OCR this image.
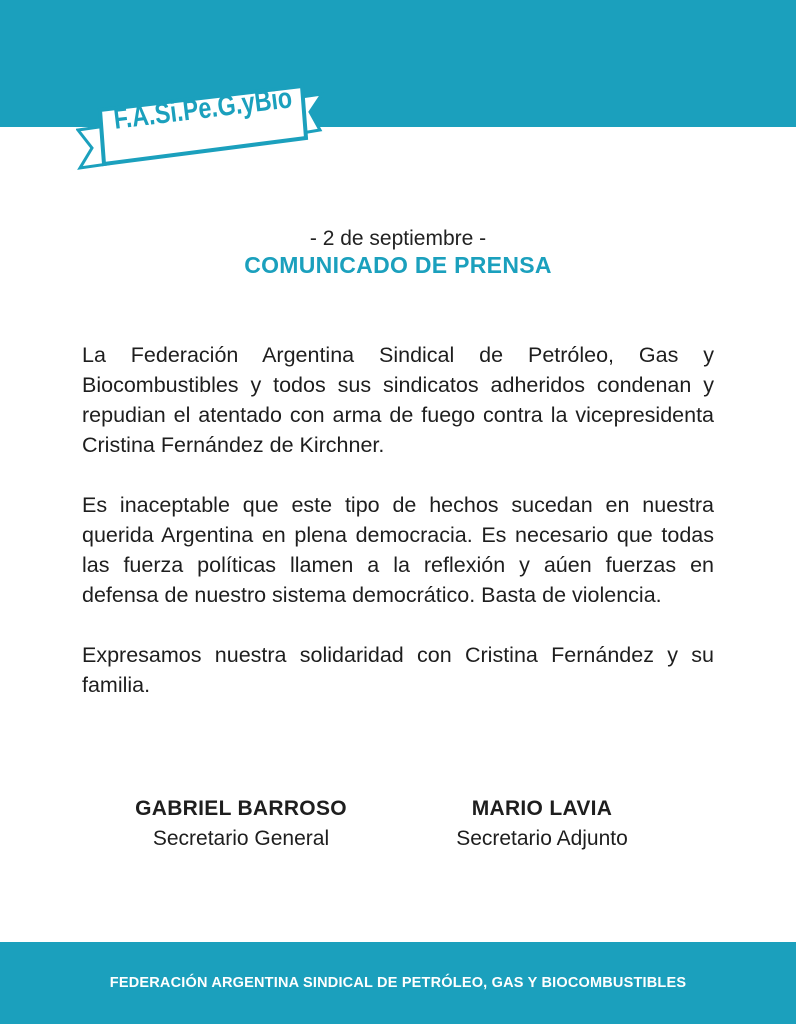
F.A.Si.Pe.G.yBio
- 2 de septiembre -
COMUNICADO DE PRENSA

La Federación Argentina Sindical de Petróleo, Gas y Biocombustibles y todos sus sindicatos adheridos condenan y repudian el atentado con arma de fuego contra la vicepresidenta Cristina Fernández de Kirchner.

Es inaceptable que este tipo de hechos sucedan en nuestra querida Argentina en plena democracia. Es necesario que todas las fuerza políticas llamen a la reflexión y aúen fuerzas en defensa de nuestro sistema democrático. Basta de violencia.

Expresamos nuestra solidaridad con Cristina Fernández y su familia.

GABRIEL BARROSO
Secretario General
MARIO LAVIA
Secretario Adjunto
FEDERACIÓN ARGENTINA SINDICAL DE PETRÓLEO, GAS Y BIOCOMBUSTIBLES
